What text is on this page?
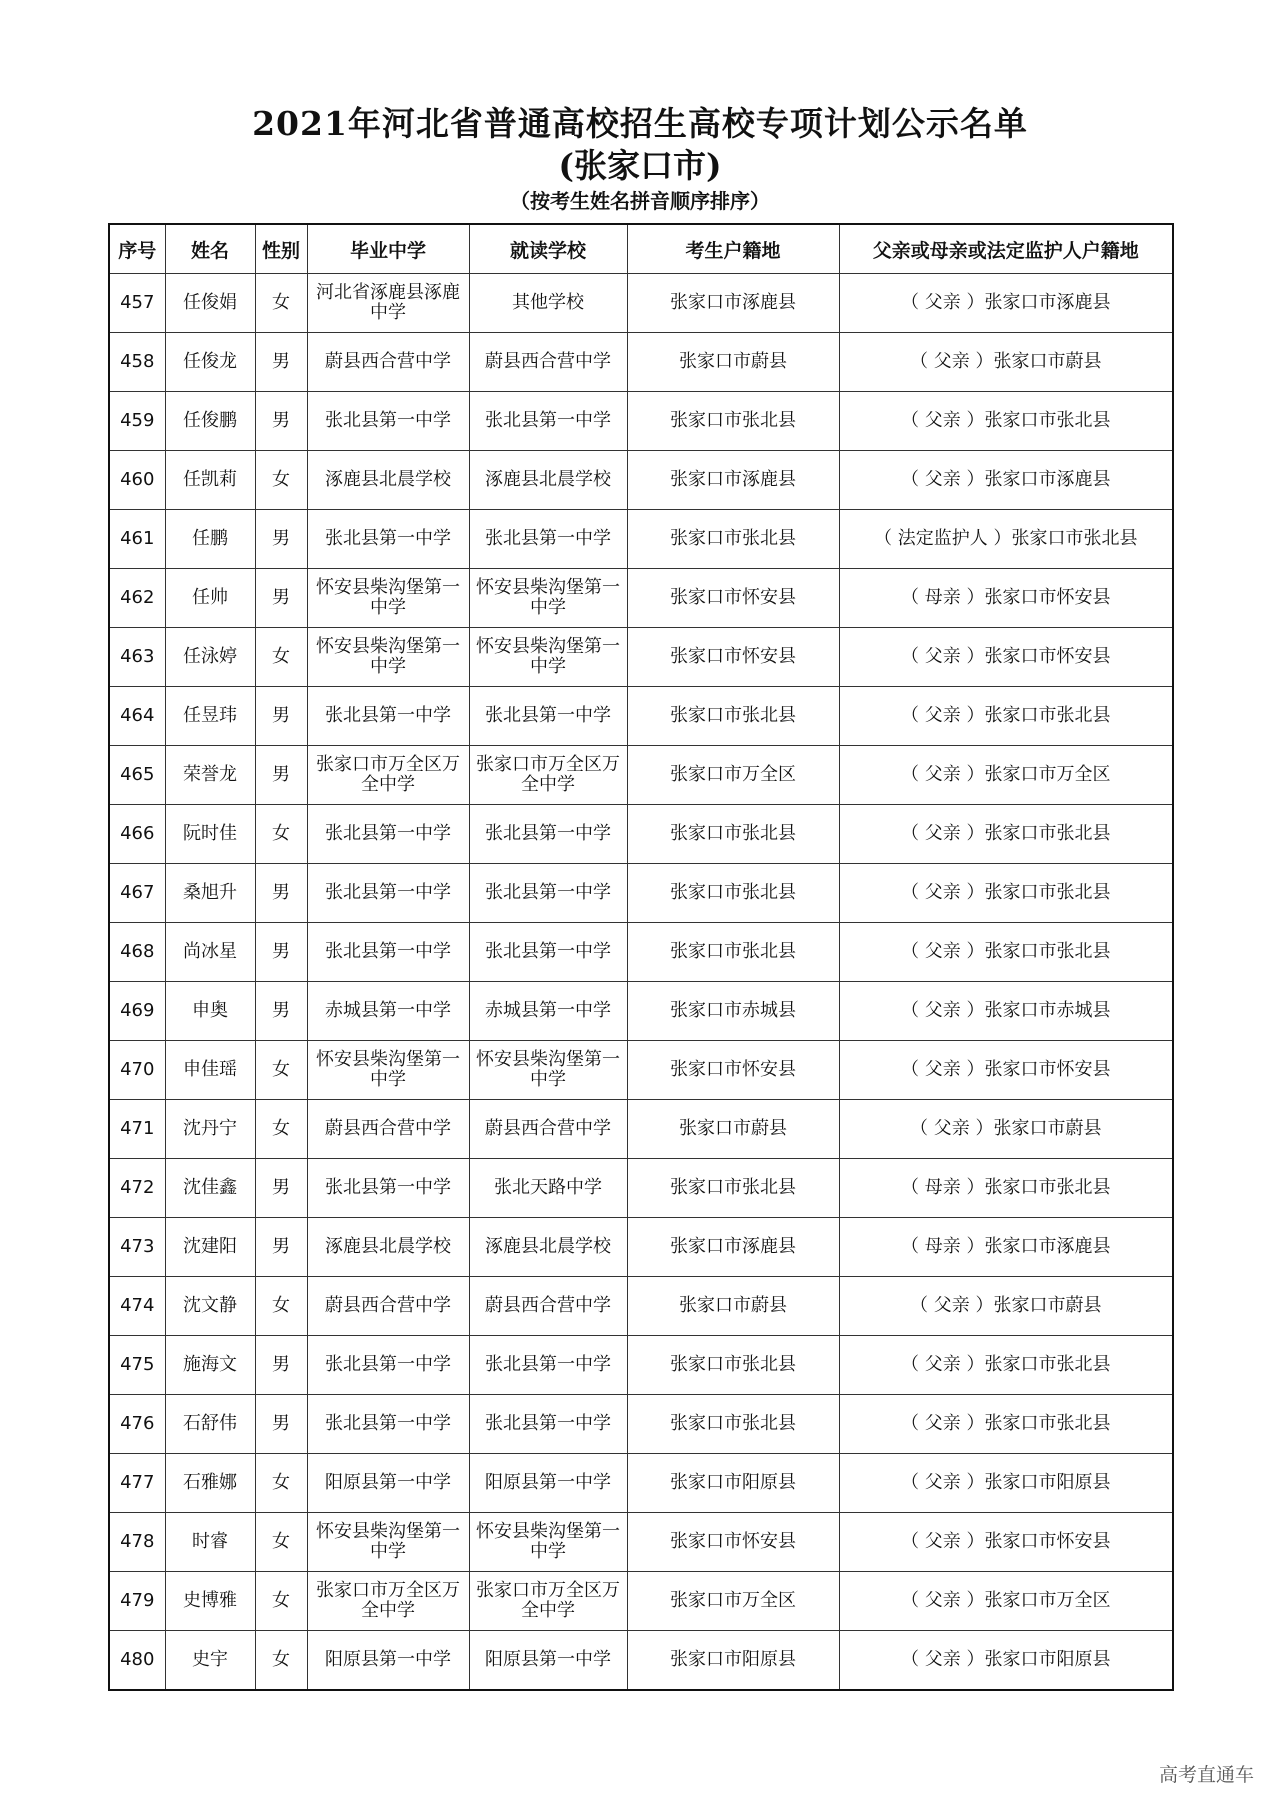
2021年河北省普通高校招生高校专项计划公示名单
(张家口市)
（按考生姓名拼音顺序排序）
序号	姓名	性别	毕业中学	就读学校	考生户籍地	父亲或母亲或法定监护人户籍地
457	任俊娟	女	河北省涿鹿县涿鹿中学	其他学校	张家口市涿鹿县	（ 父亲 ）张家口市涿鹿县
458	任俊龙	男	蔚县西合营中学	蔚县西合营中学	张家口市蔚县	（ 父亲 ）张家口市蔚县
459	任俊鹏	男	张北县第一中学	张北县第一中学	张家口市张北县	（ 父亲 ）张家口市张北县
460	任凯莉	女	涿鹿县北晨学校	涿鹿县北晨学校	张家口市涿鹿县	（ 父亲 ）张家口市涿鹿县
461	任鹏	男	张北县第一中学	张北县第一中学	张家口市张北县	（ 法定监护人 ）张家口市张北县
462	任帅	男	怀安县柴沟堡第一中学	怀安县柴沟堡第一中学	张家口市怀安县	（ 母亲 ）张家口市怀安县
463	任泳婷	女	怀安县柴沟堡第一中学	怀安县柴沟堡第一中学	张家口市怀安县	（ 父亲 ）张家口市怀安县
464	任昱玮	男	张北县第一中学	张北县第一中学	张家口市张北县	（ 父亲 ）张家口市张北县
465	荣誉龙	男	张家口市万全区万全中学	张家口市万全区万全中学	张家口市万全区	（ 父亲 ）张家口市万全区
466	阮时佳	女	张北县第一中学	张北县第一中学	张家口市张北县	（ 父亲 ）张家口市张北县
467	桑旭升	男	张北县第一中学	张北县第一中学	张家口市张北县	（ 父亲 ）张家口市张北县
468	尚冰星	男	张北县第一中学	张北县第一中学	张家口市张北县	（ 父亲 ）张家口市张北县
469	申奥	男	赤城县第一中学	赤城县第一中学	张家口市赤城县	（ 父亲 ）张家口市赤城县
470	申佳瑶	女	怀安县柴沟堡第一中学	怀安县柴沟堡第一中学	张家口市怀安县	（ 父亲 ）张家口市怀安县
471	沈丹宁	女	蔚县西合营中学	蔚县西合营中学	张家口市蔚县	（ 父亲 ）张家口市蔚县
472	沈佳鑫	男	张北县第一中学	张北天路中学	张家口市张北县	（ 母亲 ）张家口市张北县
473	沈建阳	男	涿鹿县北晨学校	涿鹿县北晨学校	张家口市涿鹿县	（ 母亲 ）张家口市涿鹿县
474	沈文静	女	蔚县西合营中学	蔚县西合营中学	张家口市蔚县	（ 父亲 ）张家口市蔚县
475	施海文	男	张北县第一中学	张北县第一中学	张家口市张北县	（ 父亲 ）张家口市张北县
476	石舒伟	男	张北县第一中学	张北县第一中学	张家口市张北县	（ 父亲 ）张家口市张北县
477	石雅娜	女	阳原县第一中学	阳原县第一中学	张家口市阳原县	（ 父亲 ）张家口市阳原县
478	时睿	女	怀安县柴沟堡第一中学	怀安县柴沟堡第一中学	张家口市怀安县	（ 父亲 ）张家口市怀安县
479	史博雅	女	张家口市万全区万全中学	张家口市万全区万全中学	张家口市万全区	（ 父亲 ）张家口市万全区
480	史宇	女	阳原县第一中学	阳原县第一中学	张家口市阳原县	（ 父亲 ）张家口市阳原县
高考直通车
